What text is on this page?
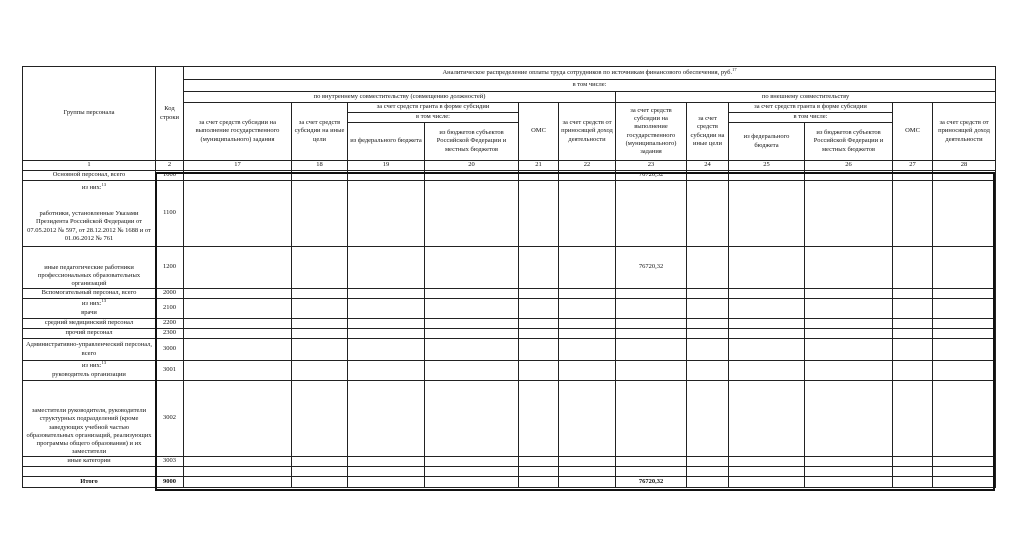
Группы персонала	Код строки	Аналитическое распределение оплаты труда сотрудников по источникам финансового обеспечения, руб.$^{17}$
		в том числе:											
		по внутреннему совместительству (совмещению должностей)						по внешнему совместительству					
		за счет средств субсидии на выполнение государственного (муниципального) задания	за счет средств субсидии на иные цели	за счет средств гранта в форме субсидии		ОМС	за счет средств от приносящей доход деятельности	за счет средств субсидии на выполнение государственного (муниципального) задания	за счет средств субсидии на иные цели	за счет средств гранта в форме субсидии		ОМС	за счет средств от приносящей доход деятельности
				в том числе:						в том числе:			
				из федерального бюджета	из бюджетов субъектов Российской Федерации и местных бюджетов					из федерального бюджета	из бюджетов субъектов Российской Федерации и местных бюджетов		
1	2	17	18	19	20	21	22	23	24	25	26	27	28
Основной персонал, всего	1000							76720,32					

из них:$^{13}$
работники, установленные Указами Президента Российской Федерации от 07.05.2012 № 597, от 28.12.2012 № 1688 и от 01.06.2012 № 761	1100												
иные педагогические работники профессиональных образовательных организаций	1200							76720,32					
Вспомогательный персонал, всего	2000												

из них:$^{13}$
врачи	2100												
средний медицинский персонал	2200												
прочий персонал	2300												
Административно-управленческий персонал, всего	3000												

из них:$^{13}$
руководитель организации	3001												
заместители руководителя, руководители структурных подразделений (кроме заведующих учебной частью образовательных организаций, реализующих программы общего образования) и их заместители	3002												
иные категории	3003												

Итого	9000							76720,32					
